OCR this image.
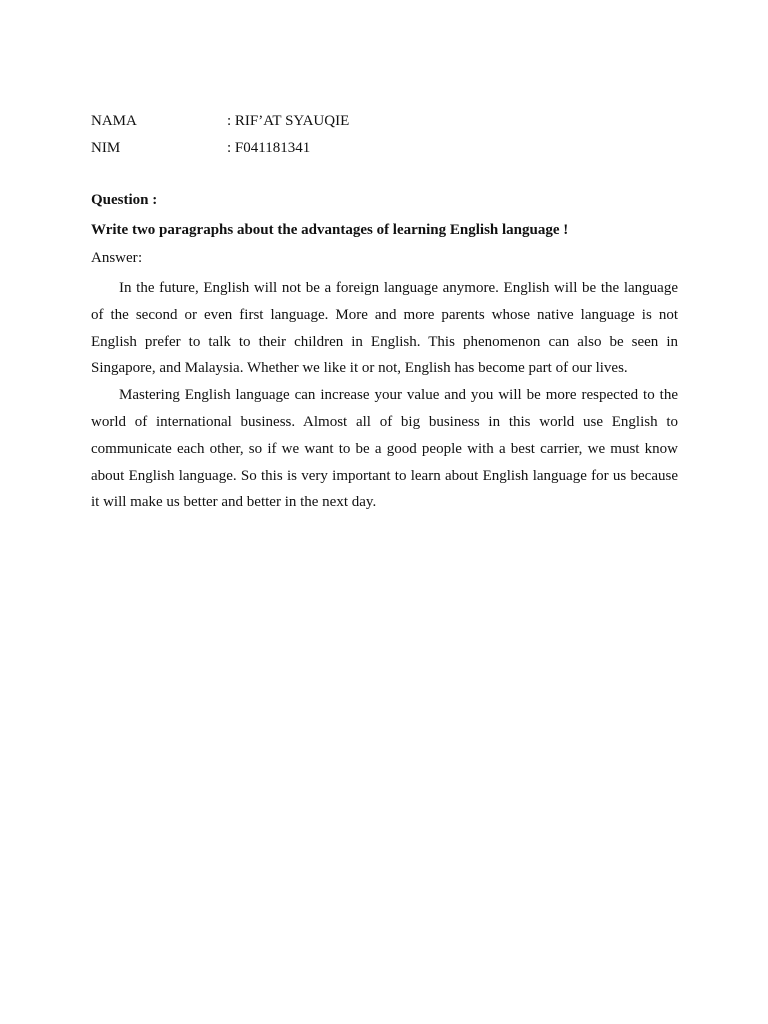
NAMA	: RIF’AT SYAUQIE
NIM	: F041181341
Question :
Write two paragraphs about the advantages of learning English language !
Answer :

In the future, English will not be a foreign language anymore. English will be the language of the second or even first language. More and more parents whose native language is not English prefer to talk to their children in English. This phenomenon can also be seen in Singapore, and Malaysia. Whether we like it or not, English has become part of our lives.

Mastering English language can increase your value and you will be more respected to the world of international business. Almost all of big business in this world use English to communicate each other, so if we want to be a good people with a best carrier, we must know about English language. So this is very important to learn about English language for us because it will make us better and better in the next day.
